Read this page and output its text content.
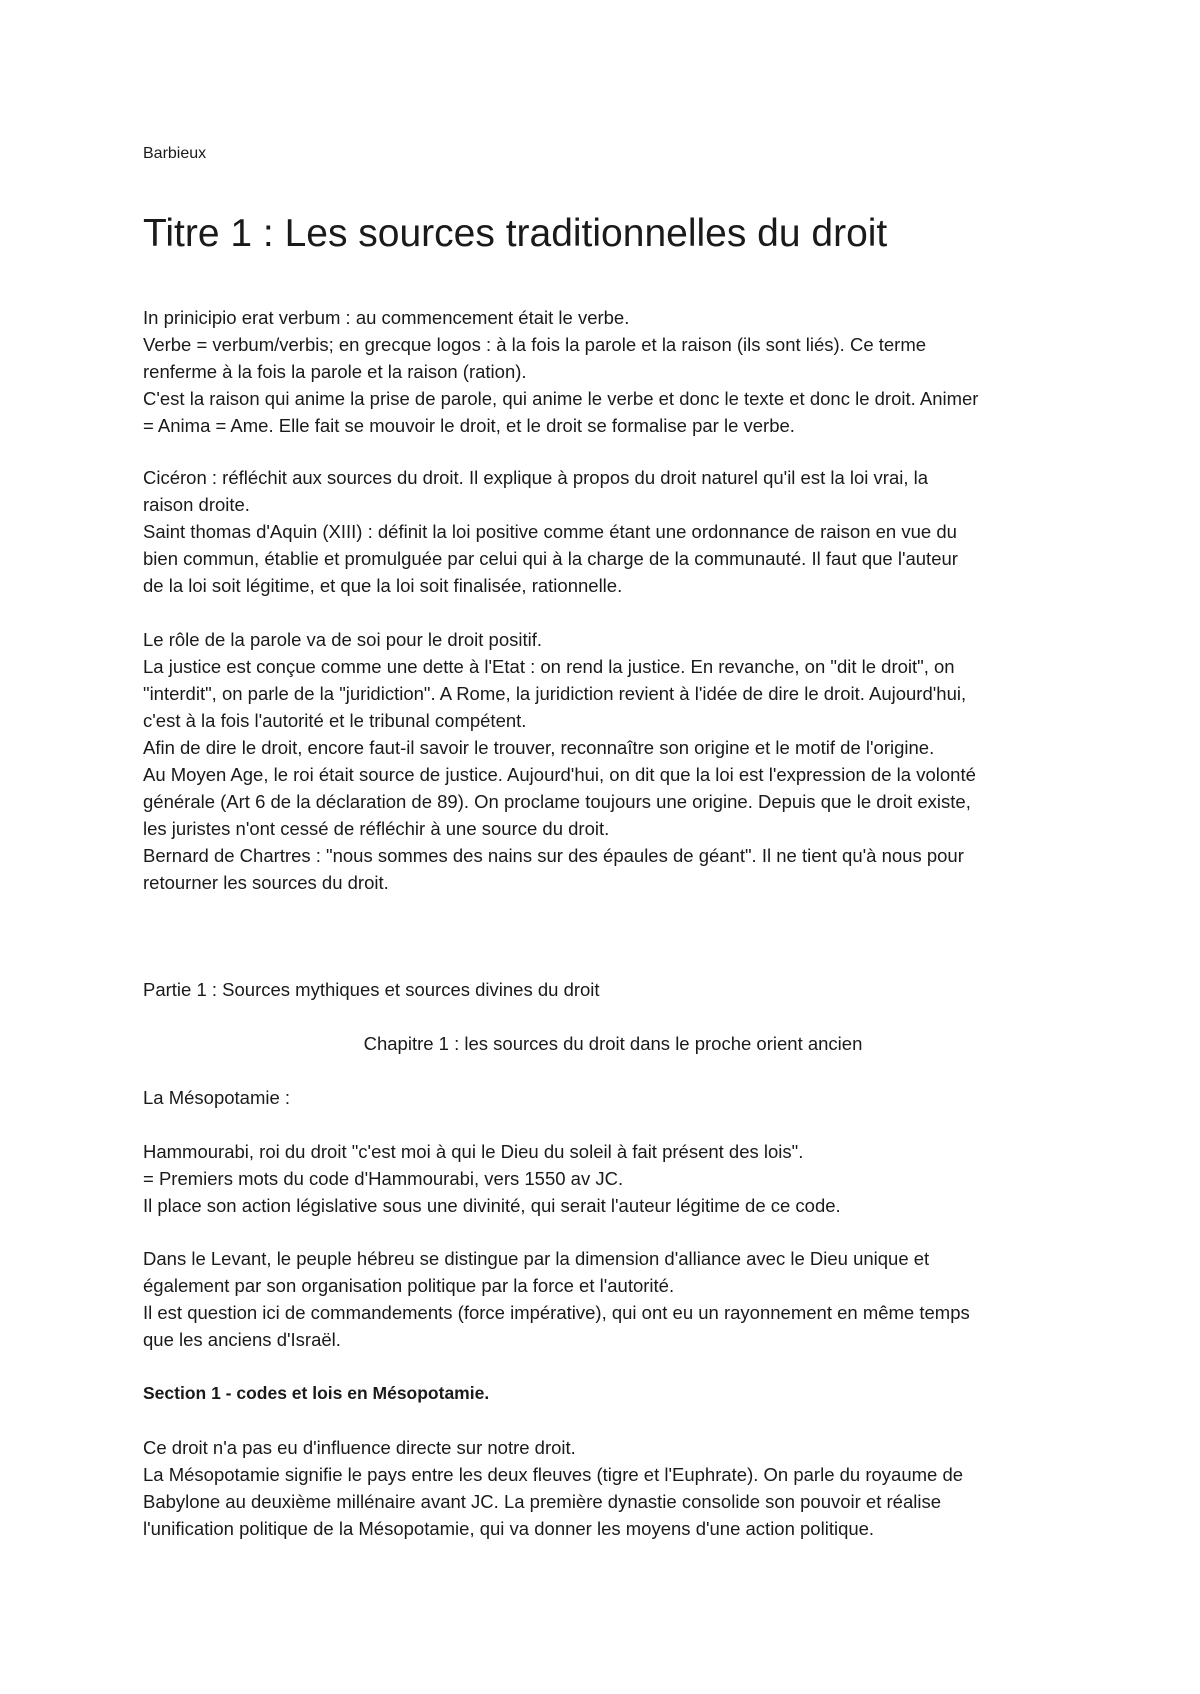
Barbieux
Titre 1 : Les sources traditionnelles du droit
In prinicipio erat verbum : au commencement était le verbe.
Verbe = verbum/verbis; en grecque logos : à la fois la parole et la raison (ils sont liés). Ce terme
renferme à la fois la parole et la raison (ration).
C'est la raison qui anime la prise de parole, qui anime le verbe et donc le texte et donc le droit. Animer
= Anima = Ame. Elle fait se mouvoir le droit, et le droit se formalise par le verbe.
Cicéron : réfléchit aux sources du droit. Il explique à propos du droit naturel qu'il est la loi vrai, la
raison droite.
Saint thomas d'Aquin (XIII) : définit la loi positive comme étant une ordonnance de raison en vue du
bien commun, établie et promulguée par celui qui à la charge de la communauté. Il faut que l'auteur
de la loi soit légitime, et que la loi soit finalisée, rationnelle.
Le rôle de la parole va de soi pour le droit positif.
La justice est conçue comme une dette à l'Etat : on rend la justice. En revanche, on "dit le droit", on
"interdit", on parle de la "juridiction". A Rome, la juridiction revient à l'idée de dire le droit. Aujourd'hui,
c'est à la fois l'autorité et le tribunal compétent.
Afin de dire le droit, encore faut-il savoir le trouver, reconnaître son origine et le motif de l'origine.
Au Moyen Age, le roi était source de justice. Aujourd'hui, on dit que la loi est l'expression de la volonté
générale (Art 6 de la déclaration de 89). On proclame toujours une origine. Depuis que le droit existe,
les juristes n'ont cessé de réfléchir à une source du droit.
Bernard de Chartres : "nous sommes des nains sur des épaules de géant". Il ne tient qu'à nous pour
retourner les sources du droit.
Partie 1 : Sources mythiques et sources divines du droit
Chapitre 1 : les sources du droit dans le proche orient ancien
La Mésopotamie :
Hammourabi, roi du droit "c'est moi à qui le Dieu du soleil à fait présent des lois".
= Premiers mots du code d'Hammourabi, vers 1550 av JC.
Il place son action législative sous une divinité, qui serait l'auteur légitime de ce code.
Dans le Levant, le peuple hébreu se distingue par la dimension d'alliance avec le Dieu unique et
également par son organisation politique par la force et l'autorité.
Il est question ici de commandements (force impérative), qui ont eu un rayonnement en même temps
que les anciens d'Israël.
Section 1 - codes et lois en Mésopotamie.
Ce droit n'a pas eu d'influence directe sur notre droit.
La Mésopotamie signifie le pays entre les deux fleuves (tigre et l'Euphrate). On parle du royaume de
Babylone au deuxième millénaire avant JC. La première dynastie consolide son pouvoir et réalise
l'unification politique de la Mésopotamie, qui va donner les moyens d'une action politique.
